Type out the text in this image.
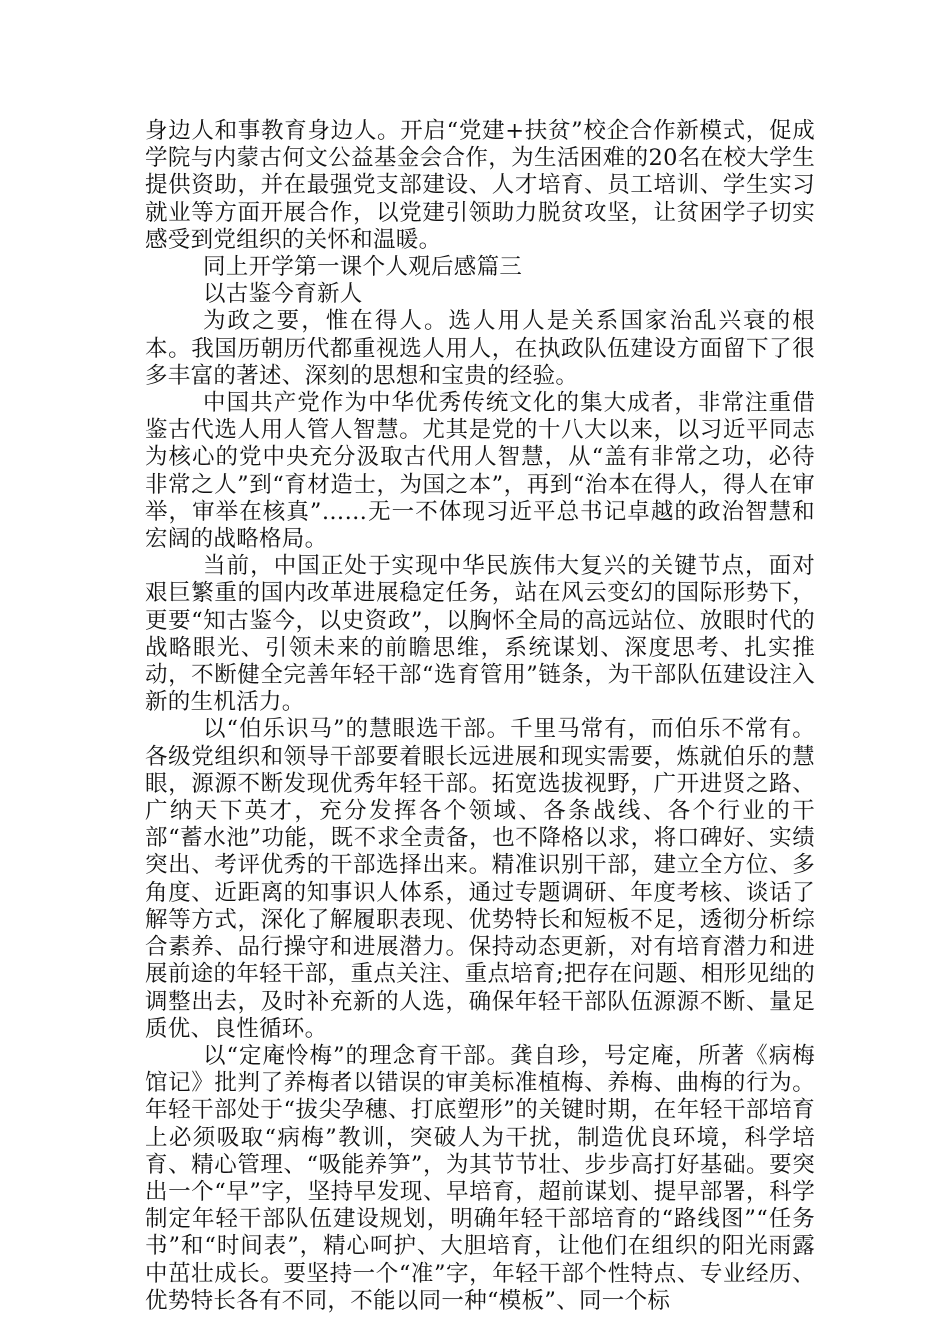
身边人和事教育身边人。开启“党建+扶贫”校企合作新模式，促成学院与内蒙古何文公益基金会合作，为生活困难的20名在校大学生提供资助，并在最强党支部建设、人才培育、员工培训、学生实习就业等方面开展合作，以党建引领助力脱贫攻坚，让贫困学子切实感受到党组织的关怀和温暖。

同上开学第一课个人观后感篇三

以古鉴今育新人

为政之要，惟在得人。选人用人是关系国家治乱兴衰的根本。我国历朝历代都重视选人用人，在执政队伍建设方面留下了很多丰富的著述、深刻的思想和宝贵的经验。

中国共产党作为中华优秀传统文化的集大成者，非常注重借鉴古代选人用人管人智慧。尤其是党的十八大以来，以习近平同志为核心的党中央充分汲取古代用人智慧，从“盖有非常之功，必待非常之人”到“育材造士，为国之本”，再到“治本在得人，得人在审举，审举在核真”……无一不体现习近平总书记卓越的政治智慧和宏阔的战略格局。

当前，中国正处于实现中华民族伟大复兴的关键节点，面对艰巨繁重的国内改革进展稳定任务，站在风云变幻的国际形势下，更要“知古鉴今，以史资政”，以胸怀全局的高远站位、放眼时代的战略眼光、引领未来的前瞻思维，系统谋划、深度思考、扎实推动，不断健全完善年轻干部“选育管用”链条，为干部队伍建设注入新的生机活力。

以“伯乐识马”的慧眼选干部。千里马常有，而伯乐不常有。各级党组织和领导干部要着眼长远进展和现实需要，炼就伯乐的慧眼，源源不断发现优秀年轻干部。拓宽选拔视野，广开进贤之路、广纳天下英才，充分发挥各个领域、各条战线、各个行业的干部“蓄水池”功能，既不求全责备，也不降格以求，将口碑好、实绩突出、考评优秀的干部选择出来。精准识别干部，建立全方位、多角度、近距离的知事识人体系，通过专题调研、年度考核、谈话了解等方式，深化了解履职表现、优势特长和短板不足，透彻分析综合素养、品行操守和进展潜力。保持动态更新，对有培育潜力和进展前途的年轻干部，重点关注、重点培育;把存在问题、相形见绌的调整出去，及时补充新的人选，确保年轻干部队伍源源不断、量足质优、良性循环。

以“定庵怜梅”的理念育干部。龚自珍，号定庵，所著《病梅馆记》批判了养梅者以错误的审美标准植梅、养梅、曲梅的行为。年轻干部处于“拔尖孕穗、打底塑形”的关键时期，在年轻干部培育上必须吸取“病梅”教训，突破人为干扰，制造优良环境，科学培育、精心管理、“吸能养笋”，为其节节壮、步步高打好基础。要突出一个“早”字，坚持早发现、早培育，超前谋划、提早部署，科学制定年轻干部队伍建设规划，明确年轻干部培育的“路线图”“任务书”和“时间表”，精心呵护、大胆培育，让他们在组织的阳光雨露中茁壮成长。要坚持一个“准”字，年轻干部个性特点、专业经历、优势特长各有不同，不能以同一种“模板”、同一个标
